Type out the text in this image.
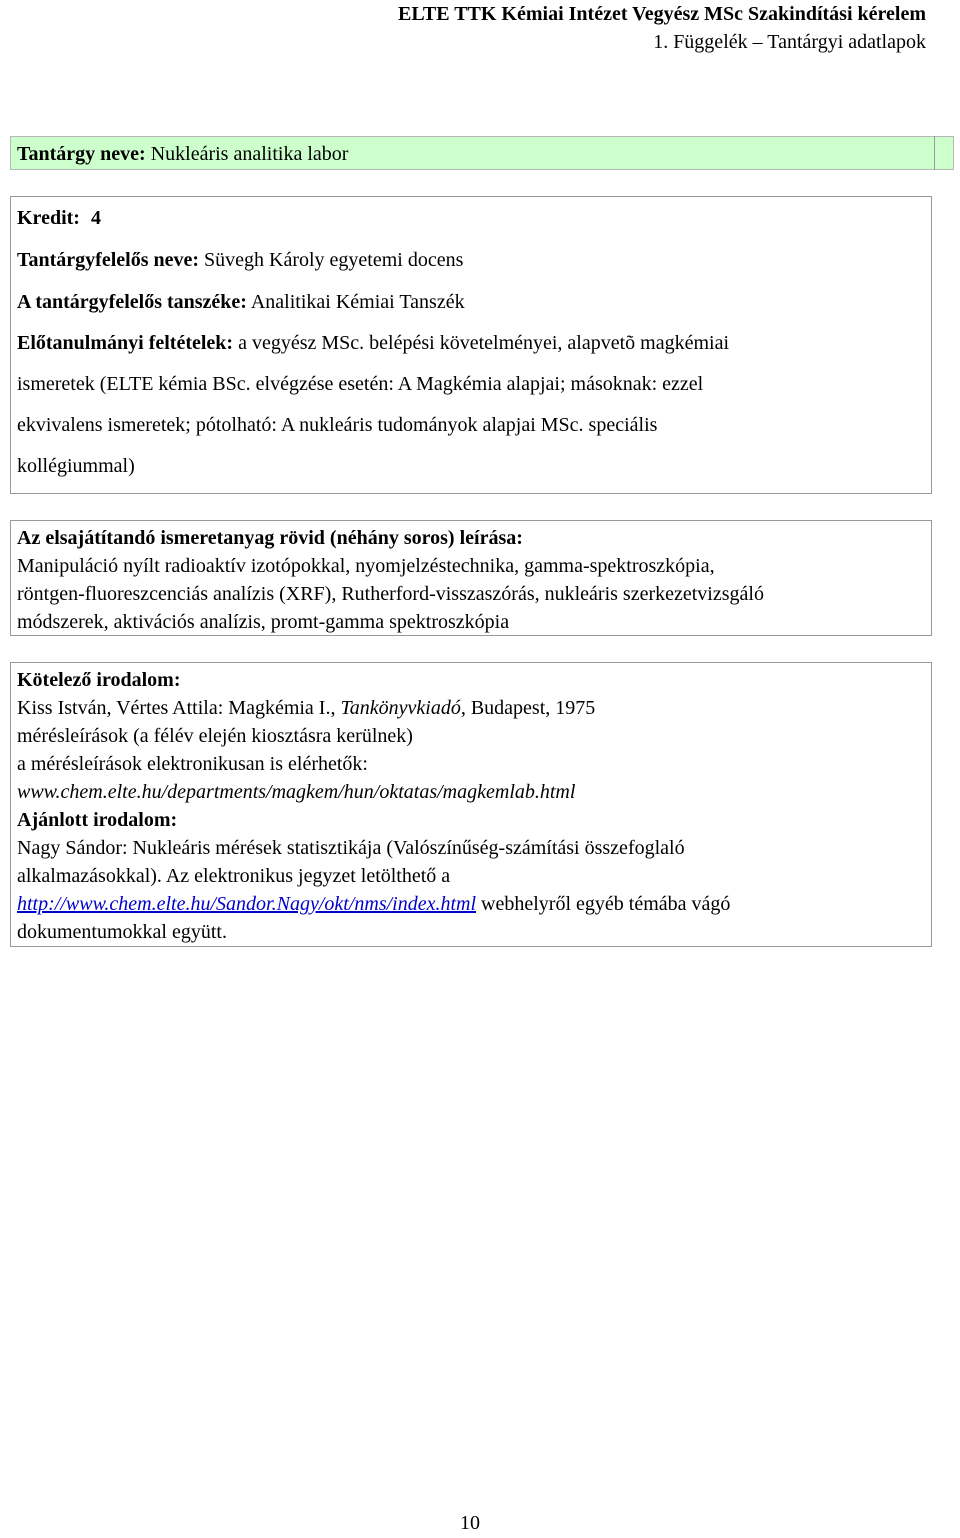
ELTE TTK Kémiai Intézet Vegyész MSc Szakindítási kérelem
1. Függelék – Tantárgyi adatlapok
Tantárgy neve: Nukleáris analitika labor
Kredit: 4
Tantárgyfelelős neve: Süvegh Károly egyetemi docens
A tantárgyfelelős tanszéke: Analitikai Kémiai Tanszék
Előtanulmányi feltételek: a vegyész MSc. belépési követelményei, alapvetõ magkémiai
ismeretek (ELTE kémia BSc. elvégzése esetén: A Magkémia alapjai; másoknak: ezzel
ekvivalens ismeretek; pótolható: A nukleáris tudományok alapjai MSc. speciális
kollégiummal)
Az elsajátítandó ismeretanyag rövid (néhány soros) leírása:
Manipuláció nyílt radioaktív izotópokkal, nyomjelzéstechnika, gamma-spektroszkópia,
röntgen-fluoreszcenciás analízis (XRF), Rutherford-visszaszórás, nukleáris szerkezetvizsgáló
módszerek, aktivációs analízis, promt-gamma spektroszkópia
Kötelező irodalom:
Kiss István, Vértes Attila: Magkémia I., Tankönyvkiadó, Budapest, 1975
mérésleírások (a félév elején kiosztásra kerülnek)
a mérésleírások elektronikusan is elérhetők:
www.chem.elte.hu/departments/magkem/hun/oktatas/magkemlab.html
Ajánlott irodalom:
Nagy Sándor: Nukleáris mérések statisztikája (Valószínűség-számítási összefoglaló
alkalmazásokkal). Az elektronikus jegyzet letölthető a
http://www.chem.elte.hu/Sandor.Nagy/okt/nms/index.html webhelyről egyéb témába vágó
dokumentumokkal együtt.
10
